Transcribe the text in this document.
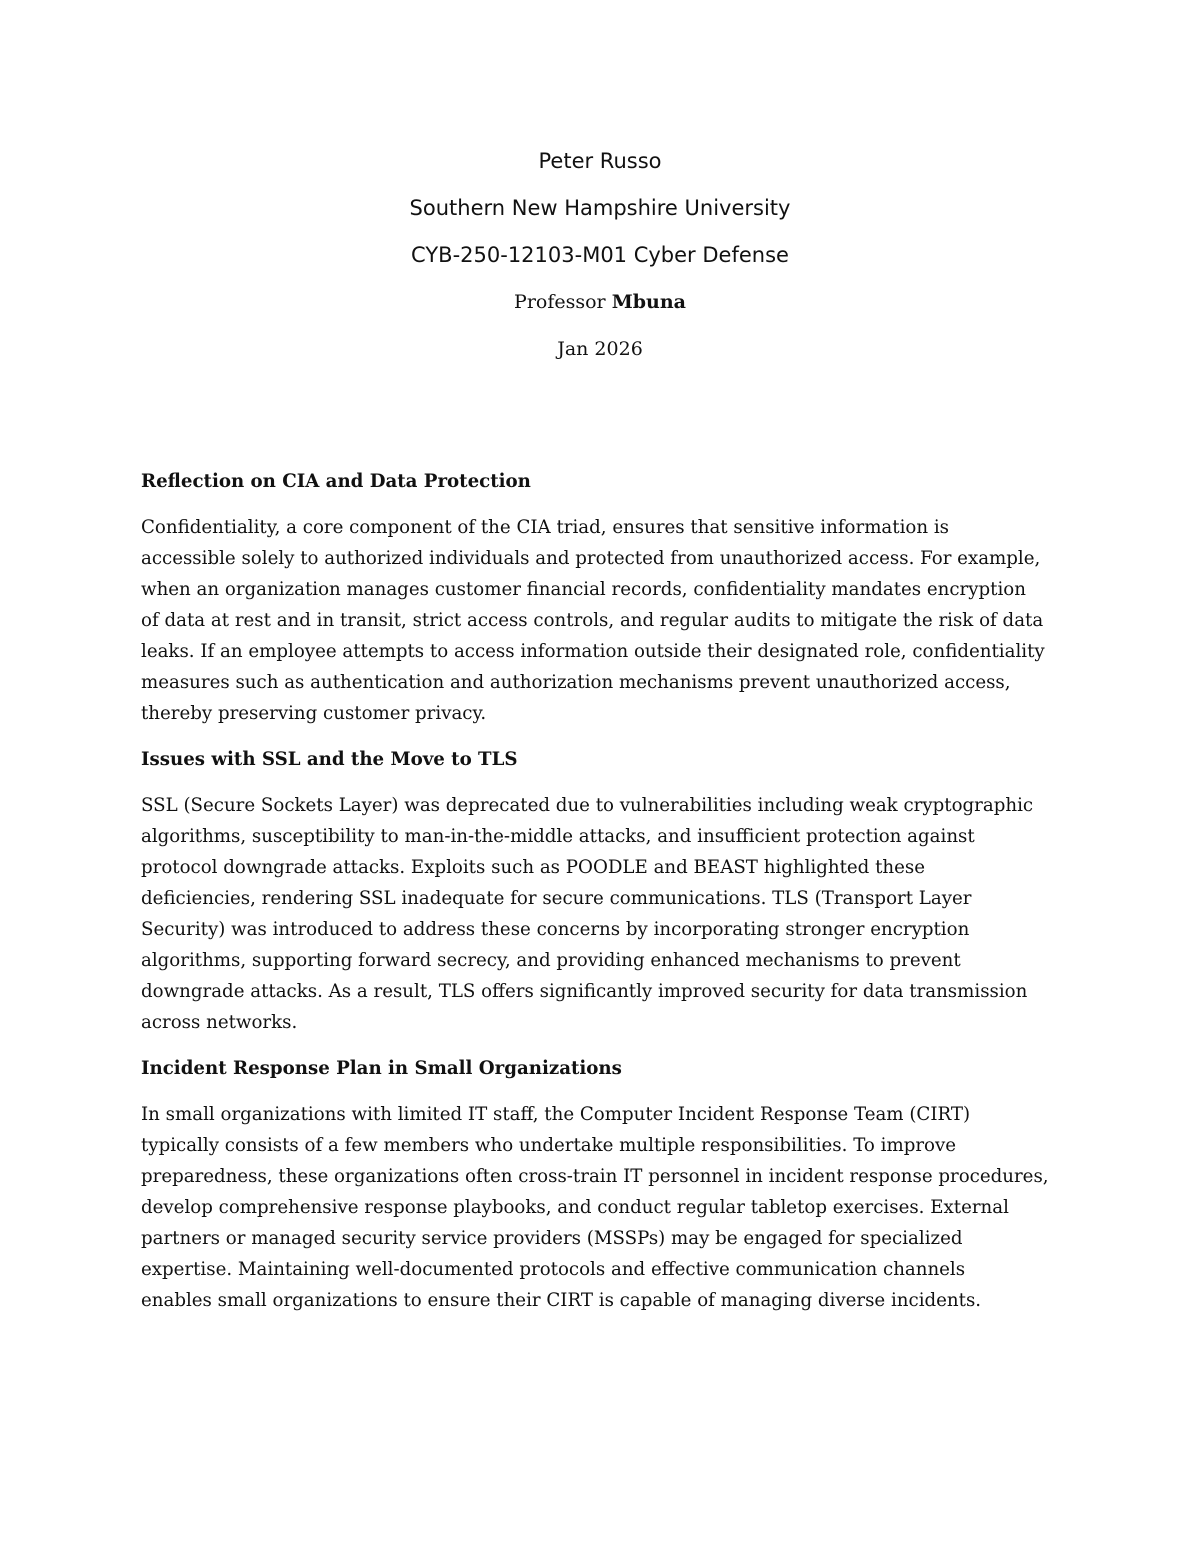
Peter Russo
Southern New Hampshire University
CYB-250-12103-M01 Cyber Defense
Professor Mbuna
Jan 2026
Reflection on CIA and Data Protection
Confidentiality, a core component of the CIA triad, ensures that sensitive information is
accessible solely to authorized individuals and protected from unauthorized access. For example,
when an organization manages customer financial records, confidentiality mandates encryption
of data at rest and in transit, strict access controls, and regular audits to mitigate the risk of data
leaks. If an employee attempts to access information outside their designated role, confidentiality
measures such as authentication and authorization mechanisms prevent unauthorized access,
thereby preserving customer privacy.
Issues with SSL and the Move to TLS
SSL (Secure Sockets Layer) was deprecated due to vulnerabilities including weak cryptographic
algorithms, susceptibility to man-in-the-middle attacks, and insufficient protection against
protocol downgrade attacks. Exploits such as POODLE and BEAST highlighted these
deficiencies, rendering SSL inadequate for secure communications. TLS (Transport Layer
Security) was introduced to address these concerns by incorporating stronger encryption
algorithms, supporting forward secrecy, and providing enhanced mechanisms to prevent
downgrade attacks. As a result, TLS offers significantly improved security for data transmission
across networks.
Incident Response Plan in Small Organizations
In small organizations with limited IT staff, the Computer Incident Response Team (CIRT)
typically consists of a few members who undertake multiple responsibilities. To improve
preparedness, these organizations often cross-train IT personnel in incident response procedures,
develop comprehensive response playbooks, and conduct regular tabletop exercises. External
partners or managed security service providers (MSSPs) may be engaged for specialized
expertise. Maintaining well-documented protocols and effective communication channels
enables small organizations to ensure their CIRT is capable of managing diverse incidents.
